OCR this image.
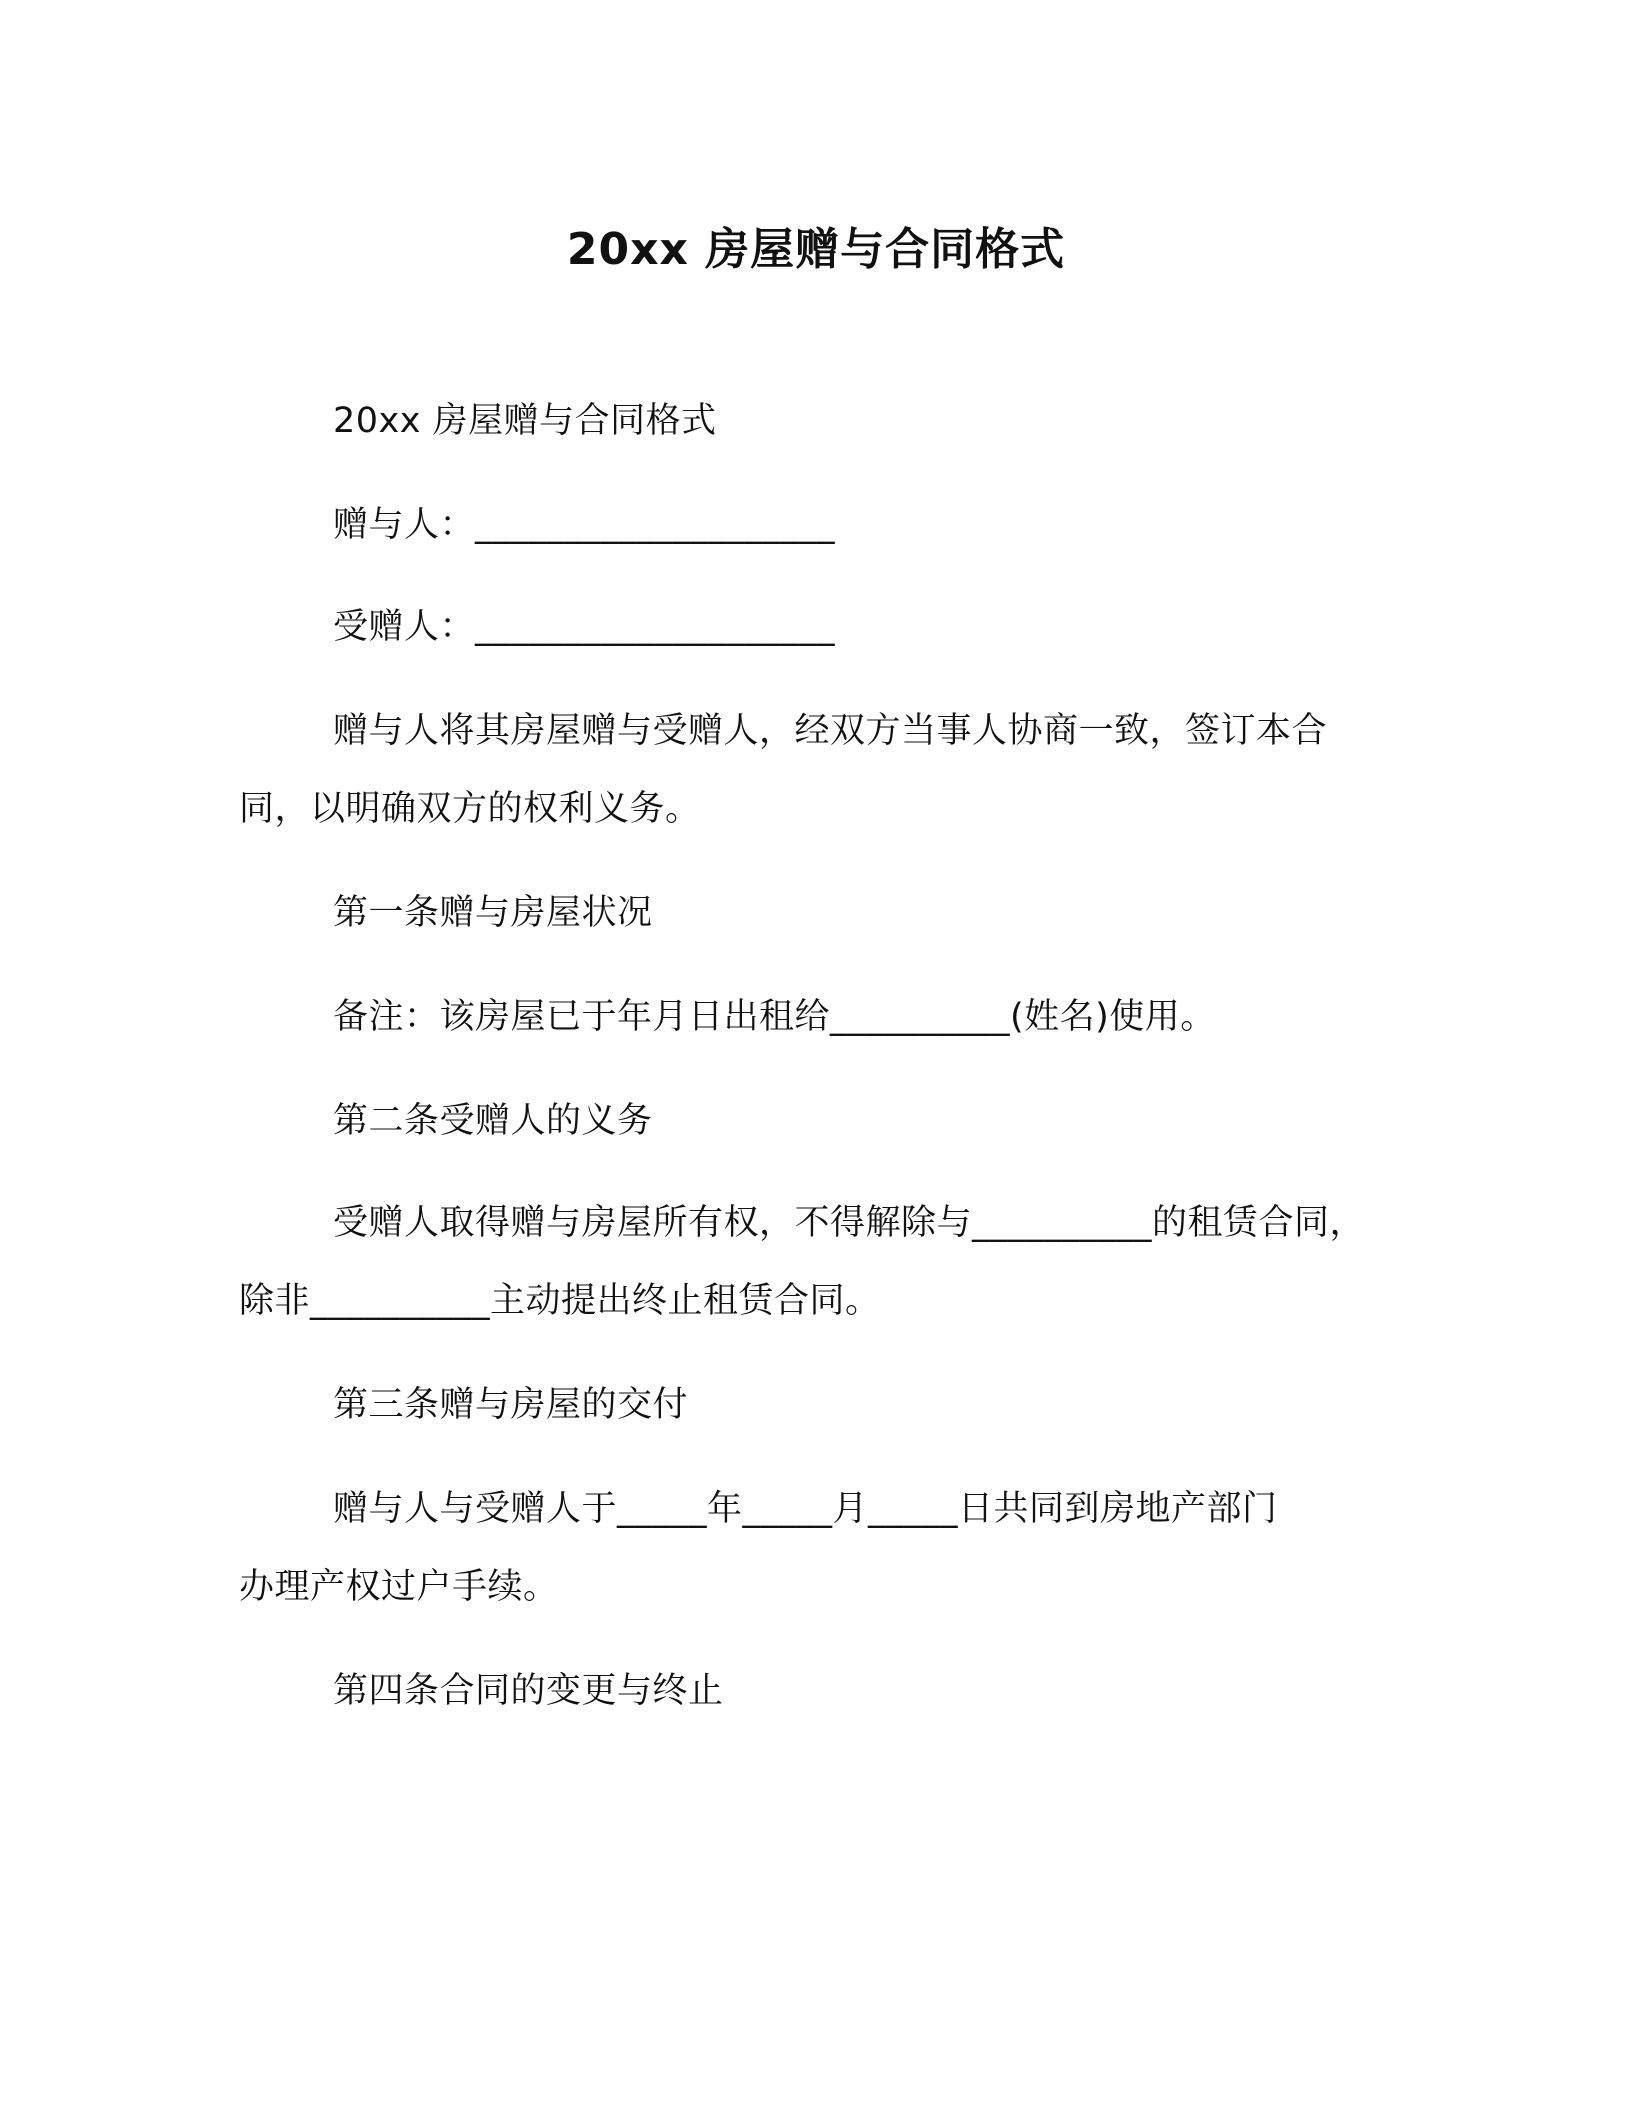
20xx 房屋赠与合同格式
20xx 房屋赠与合同格式
赠与人：____________________
受赠人：____________________
赠与人将其房屋赠与受赠人，经双方当事人协商一致，签订本合
同，以明确双方的权利义务。
第一条赠与房屋状况
备注：该房屋已于年月日出租给__________(姓名)使用。
第二条受赠人的义务
受赠人取得赠与房屋所有权，不得解除与__________的租赁合同，
除非__________主动提出终止租赁合同。
第三条赠与房屋的交付
赠与人与受赠人于_____年_____月_____日共同到房地产部门
办理产权过户手续。
第四条合同的变更与终止
